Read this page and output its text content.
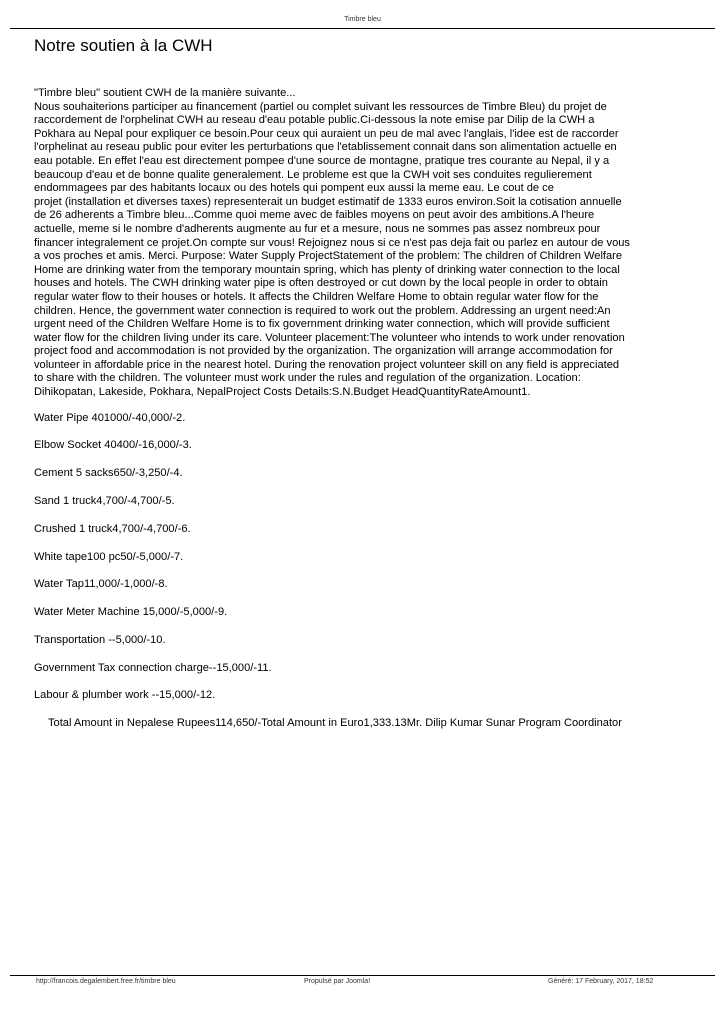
Timbre bleu
Notre soutien à la CWH

"Timbre bleu" soutient CWH de la manière suivante...
Nous souhaiterions participer au financement (partiel ou complet suivant les ressources de Timbre Bleu) du projet de
raccordement de l'orphelinat CWH au reseau d'eau potable public.Ci-dessous la note emise par Dilip de la CWH a
Pokhara au Nepal pour expliquer ce besoin.Pour ceux qui auraient un peu de mal avec l'anglais, l'idee est de raccorder
l'orphelinat au reseau public pour eviter les perturbations que l'etablissement connait dans son alimentation actuelle en
eau potable. En effet l'eau est directement pompee d'une source de montagne, pratique tres courante au Nepal, il y a
beaucoup d'eau et de bonne qualite generalement. Le probleme est que la CWH voit ses conduites regulierement
endommagees par des habitants locaux ou des hotels qui pompent eux aussi la meme eau. Le cout de ce
projet (installation et diverses taxes) representerait un budget estimatif de 1333 euros environ.Soit la cotisation annuelle
de 26 adherents a Timbre bleu...Comme quoi meme avec de faibles moyens on peut avoir des ambitions.A l'heure
actuelle, meme si le nombre d'adherents augmente au fur et a mesure, nous ne sommes pas assez nombreux pour
financer integralement ce projet.On compte sur vous! Rejoignez nous si ce n'est pas deja fait ou parlez en autour de vous
a vos proches et amis. Merci. Purpose: Water Supply ProjectStatement of the problem: The children of Children Welfare
Home are drinking water from the temporary mountain spring, which has plenty of drinking water connection to the local
houses and hotels. The CWH drinking water pipe is often destroyed or cut down by the local people in order to obtain
regular water flow to their houses or hotels. It affects the Children Welfare Home to obtain regular water flow for the
children. Hence, the government water connection is required to work out the problem. Addressing an urgent need:An
urgent need of the Children Welfare Home is to fix government drinking water connection, which will provide sufficient
water flow for the children living under its care. Volunteer placement:The volunteer who intends to work under renovation
project food and accommodation is not provided by the organization. The organization will arrange accommodation for
volunteer in affordable price in the nearest hotel. During the renovation project volunteer skill on any field is appreciated
to share with the children. The volunteer must work under the rules and regulation of the organization. Location:
Dihikopatan, Lakeside, Pokhara, NepalProject Costs Details:S.N.Budget HeadQuantityRateAmount1.

Water Pipe 401000/-40,000/-2.
Elbow Socket 40400/-16,000/-3.
Cement 5 sacks650/-3,250/-4.
Sand 1 truck4,700/-4,700/-5.
Crushed 1 truck4,700/-4,700/-6.
White tape100 pc50/-5,000/-7.
Water Tap11,000/-1,000/-8.
Water Meter Machine 15,000/-5,000/-9.
Transportation --5,000/-10.
Government Tax connection charge--15,000/-11.
Labour & plumber work --15,000/-12.

Total Amount in Nepalese Rupees114,650/-Total Amount in Euro1,333.13Mr. Dilip Kumar Sunar Program Coordinator

http://francois.degalembert.free.fr/timbre bleu	Propulsé par Joomla!	Généré: 17 February, 2017, 18:52
